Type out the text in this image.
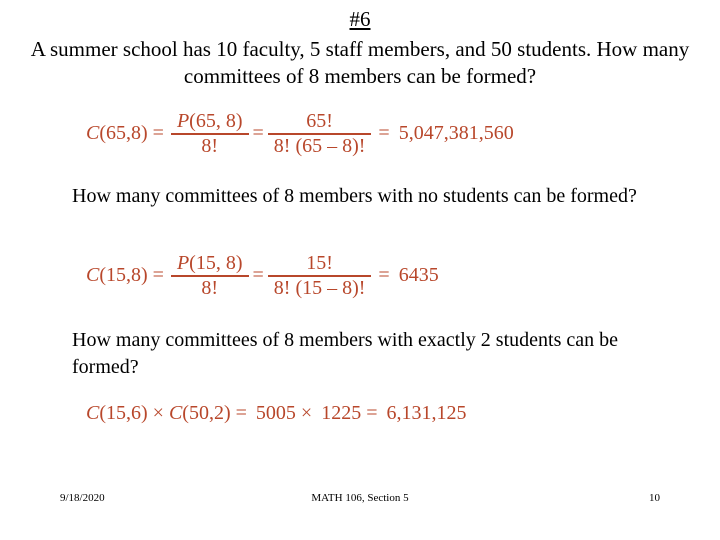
#6
A summer school has 10 faculty, 5 staff members, and 50 students. How many committees of 8 members can be formed?
$C(65,8) = \frac{P(65, 8)}{8!} = \frac{65!}{8! (65 - 8)!} = 5,047,381,560$
How many committees of 8 members with no students can be formed?
$C(15,8) = \frac{P(15, 8)}{8!} = \frac{15!}{8! (15 - 8)!} = 6435$
How many committees of 8 members with exactly 2 students can be formed?
C(15,6) × C(50,2) = 5005 × 1225 = 6,131,125
9/18/2020	MATH 106, Section 5	10
